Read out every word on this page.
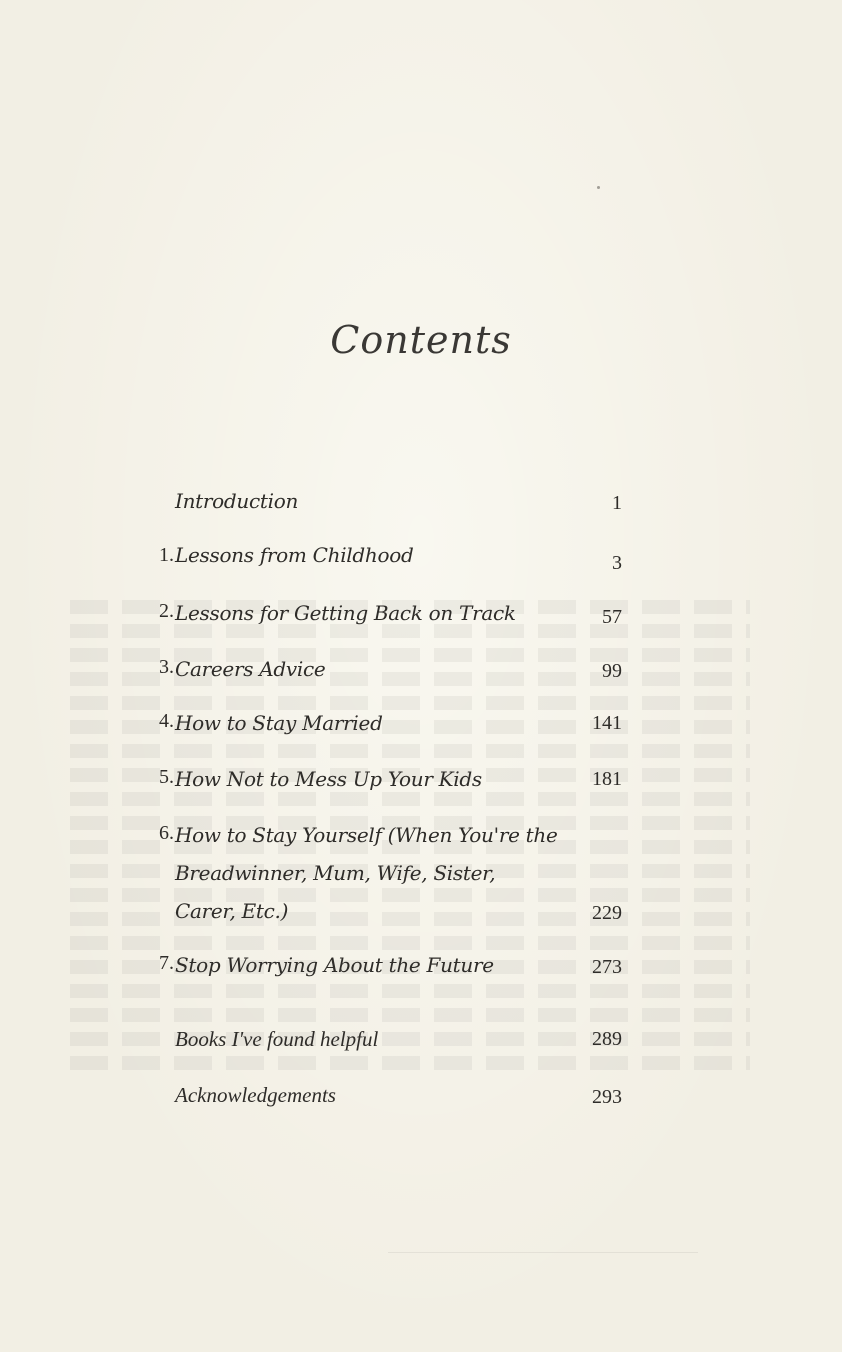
Contents
Introduction	1
1. Lessons from Childhood	3
2. Lessons for Getting Back on Track	57
3. Careers Advice	99
4. How to Stay Married	141
5. How Not to Mess Up Your Kids	181
6. How to Stay Yourself (When You're the
Breadwinner, Mum, Wife, Sister,
Carer, Etc.)	229
7. Stop Worrying About the Future	273
Books I've found helpful	289
Acknowledgements	293
